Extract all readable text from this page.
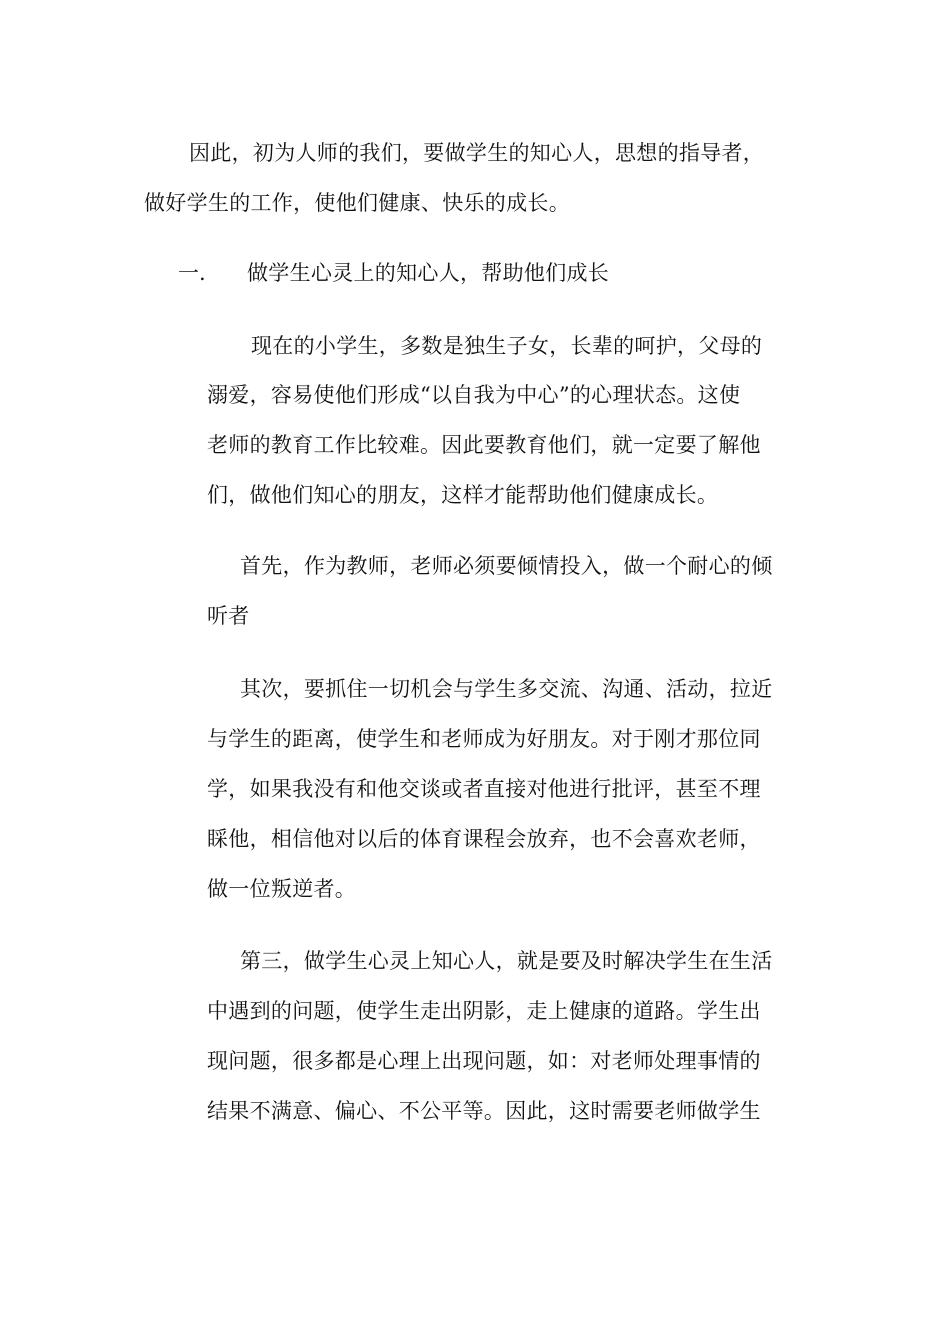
因此，初为人师的我们，要做学生的知心人，思想的指导者，
做好学生的工作，使他们健康、快乐的成长。
一. 做学生心灵上的知心人，帮助他们成长
现在的小学生，多数是独生子女，长辈的呵护，父母的
溺爱，容易使他们形成“以自我为中心”的心理状态。这使
老师的教育工作比较难。因此要教育他们，就一定要了解他
们，做他们知心的朋友，这样才能帮助他们健康成长。
首先，作为教师，老师必须要倾情投入，做一个耐心的倾
听者
其次，要抓住一切机会与学生多交流、沟通、活动，拉近
与学生的距离，使学生和老师成为好朋友。对于刚才那位同
学，如果我没有和他交谈或者直接对他进行批评，甚至不理
睬他，相信他对以后的体育课程会放弃，也不会喜欢老师，
做一位叛逆者。
第三，做学生心灵上知心人，就是要及时解决学生在生活
中遇到的问题，使学生走出阴影，走上健康的道路。学生出
现问题，很多都是心理上出现问题，如：对老师处理事情的
结果不满意、偏心、不公平等。因此，这时需要老师做学生
